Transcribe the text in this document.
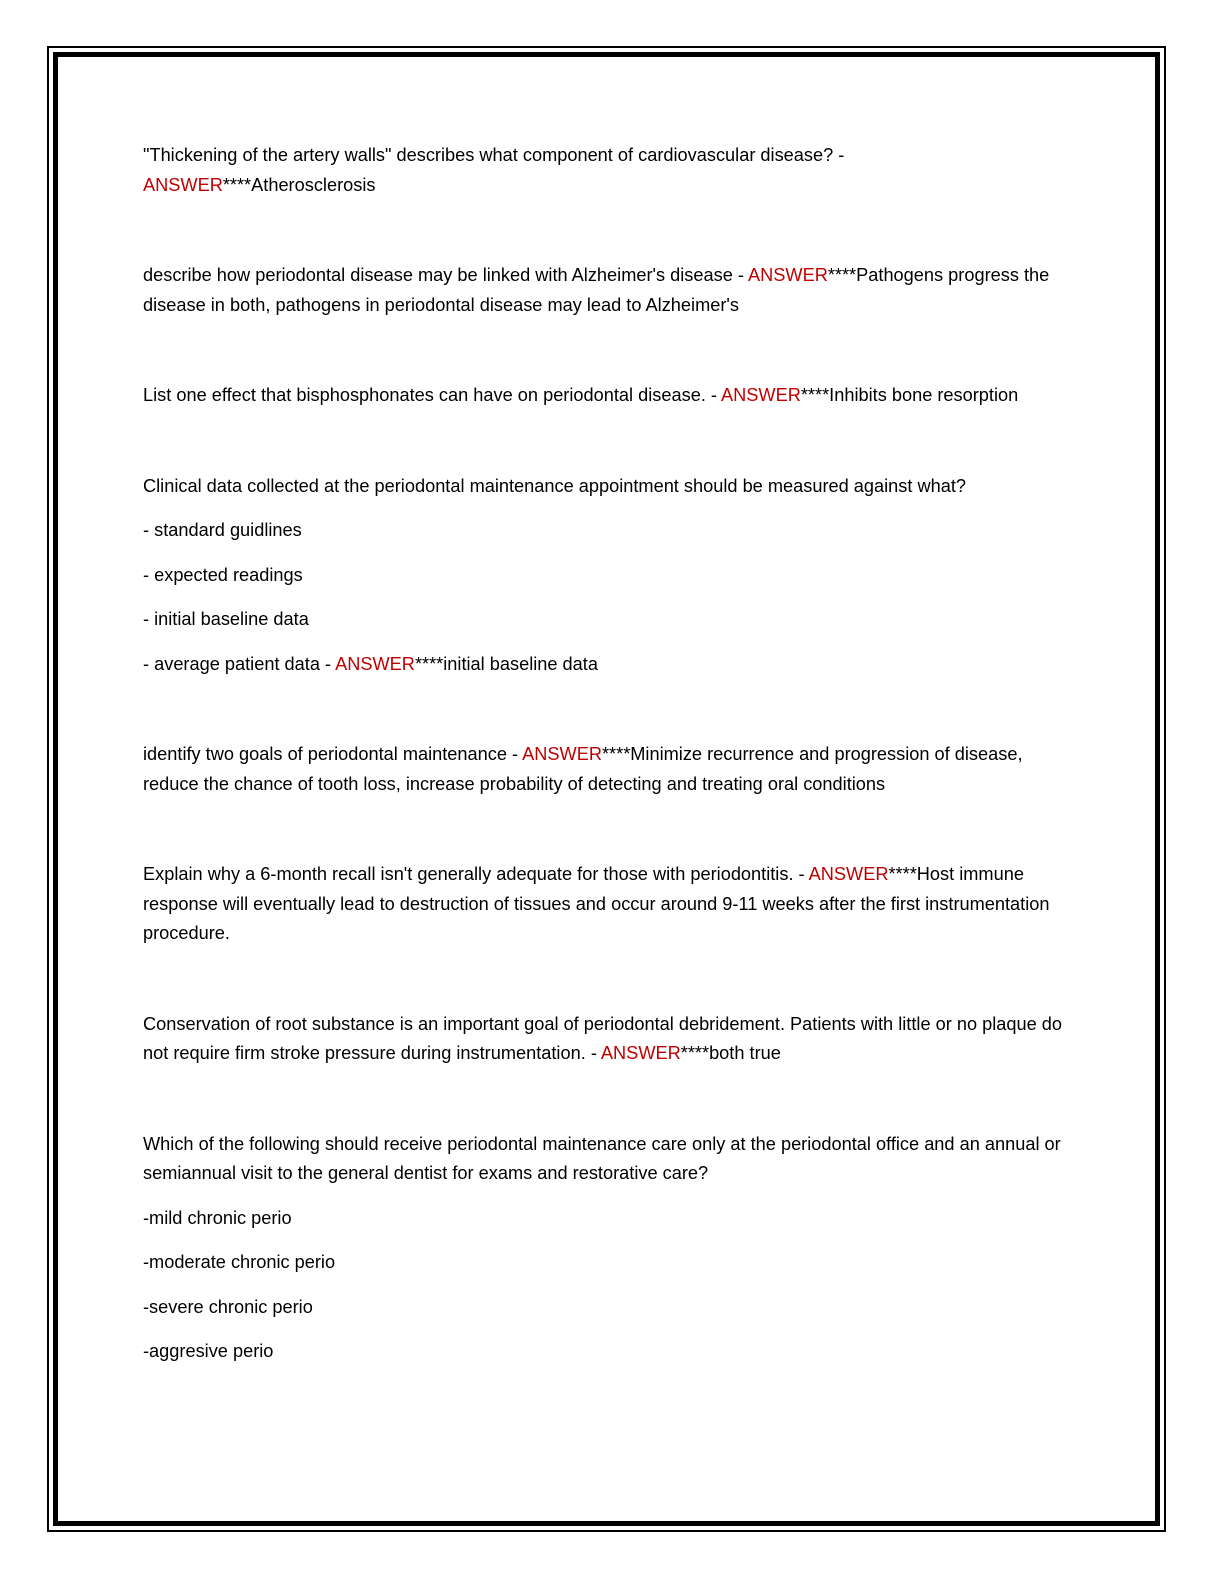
"Thickening of the artery walls" describes what component of cardiovascular disease? - ANSWER****Atherosclerosis

describe how periodontal disease may be linked with Alzheimer's disease - ANSWER****Pathogens progress the disease in both, pathogens in periodontal disease may lead to Alzheimer's

List one effect that bisphosphonates can have on periodontal disease. - ANSWER****Inhibits bone resorption

Clinical data collected at the periodontal maintenance appointment should be measured against what?

- standard guidlines

- expected readings

- initial baseline data

- average patient data - ANSWER****initial baseline data

identify two goals of periodontal maintenance - ANSWER****Minimize recurrence and progression of disease, reduce the chance of tooth loss, increase probability of detecting and treating oral conditions

Explain why a 6-month recall isn't generally adequate for those with periodontitis. - ANSWER****Host immune response will eventually lead to destruction of tissues and occur around 9-11 weeks after the first instrumentation procedure.

Conservation of root substance is an important goal of periodontal debridement. Patients with little or no plaque do not require firm stroke pressure during instrumentation. - ANSWER****both true

Which of the following should receive periodontal maintenance care only at the periodontal office and an annual or semiannual visit to the general dentist for exams and restorative care?

-mild chronic perio

-moderate chronic perio

-severe chronic perio

-aggresive perio
